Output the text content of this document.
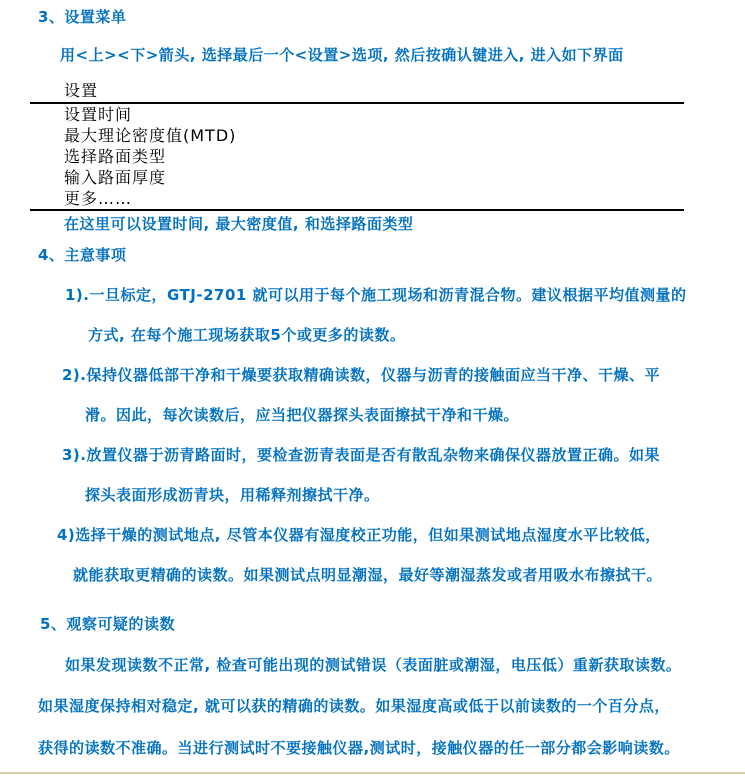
3、设置菜单
用<上><下>箭头, 选择最后一个<设置>选项, 然后按确认键进入, 进入如下界面
设置
设置时间
最大理论密度值(MTD)
选择路面类型
输入路面厚度
更多……
在这里可以设置时间, 最大密度值, 和选择路面类型
4、主意事项
1).一旦标定，GTJ-2701 就可以用于每个施工现场和沥青混合物。建议根据平均值测量的
方式, 在每个施工现场获取5个或更多的读数。
2).保持仪器低部干净和干燥要获取精确读数，仪器与沥青的接触面应当干净、干燥、平
滑。因此，每次读数后，应当把仪器探头表面擦拭干净和干燥。
3).放置仪器于沥青路面时，要检查沥青表面是否有散乱杂物来确保仪器放置正确。如果
探头表面形成沥青块，用稀释剂擦拭干净。
4)选择干燥的测试地点, 尽管本仪器有湿度校正功能，但如果测试地点湿度水平比较低，
就能获取更精确的读数。如果测试点明显潮湿，最好等潮湿蒸发或者用吸水布擦拭干。
5、观察可疑的读数
如果发现读数不正常, 检查可能出现的测试错误（表面脏或潮湿，电压低）重新获取读数。
如果湿度保持相对稳定, 就可以获的精确的读数。如果湿度高或低于以前读数的一个百分点，
获得的读数不准确。当进行测试时不要接触仪器,测试时，接触仪器的任一部分都会影响读数。
